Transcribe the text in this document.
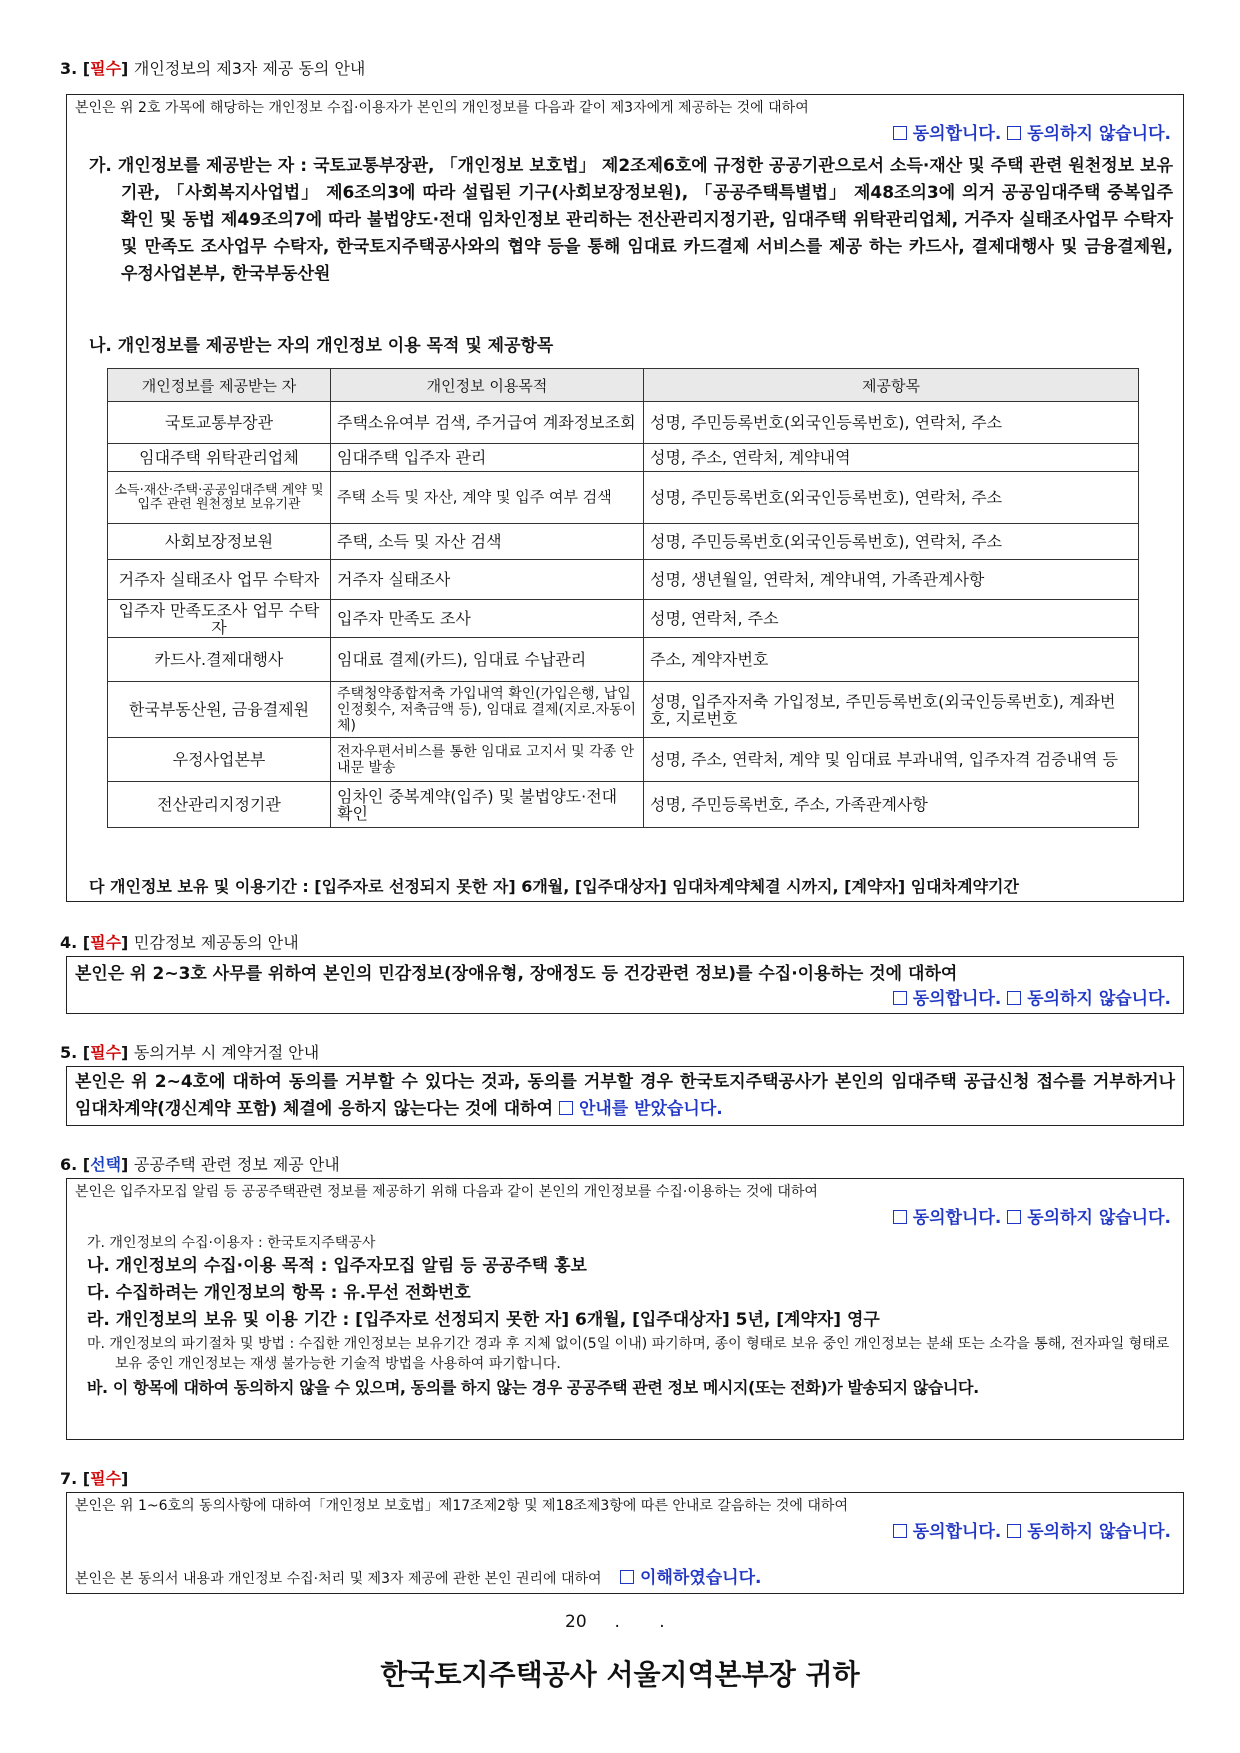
3. [필수] 개인정보의 제3자 제공 동의 안내
본인은 위 2호 가목에 해당하는 개인정보 수집·이용자가 본인의 개인정보를 다음과 같이 제3자에게 제공하는 것에 대하여
동의합니다. 동의하지 않습니다.
가. 개인정보를 제공받는 자 : 국토교통부장관, 「개인정보 보호법」 제2조제6호에 규정한 공공기관으로서 소득·재산 및 주택 관련 원천정보 보유기관, 「사회복지사업법」 제6조의3에 따라 설립된 기구(사회보장정보원), 「공공주택특별법」 제48조의3에 의거 공공임대주택 중복입주 확인 및 동법 제49조의7에 따라 불법양도·전대 임차인정보 관리하는 전산관리지정기관, 임대주택 위탁관리업체, 거주자 실태조사업무 수탁자 및 만족도 조사업무 수탁자, 한국토지주택공사와의 협약 등을 통해 임대료 카드결제 서비스를 제공 하는 카드사, 결제대행사 및 금융결제원, 우정사업본부, 한국부동산원
나. 개인정보를 제공받는 자의 개인정보 이용 목적 및 제공항목
개인정보를 제공받는 자	개인정보 이용목적	제공항목
국토교통부장관	주택소유여부 검색, 주거급여 계좌정보조회	성명, 주민등록번호(외국인등록번호), 연락처, 주소
임대주택 위탁관리업체	임대주택 입주자 관리	성명, 주소, 연락처, 계약내역
소득·재산·주택·공공임대주택 계약 및 입주 관련 원천정보 보유기관	주택 소득 및 자산, 계약 및 입주 여부 검색	성명, 주민등록번호(외국인등록번호), 연락처, 주소
사회보장정보원	주택, 소득 및 자산 검색	성명, 주민등록번호(외국인등록번호), 연락처, 주소
거주자 실태조사 업무 수탁자	거주자 실태조사	성명, 생년월일, 연락처, 계약내역, 가족관계사항
입주자 만족도조사 업무 수탁자	입주자 만족도 조사	성명, 연락처, 주소
카드사.결제대행사	임대료 결제(카드), 임대료 수납관리	주소, 계약자번호
한국부동산원, 금융결제원	주택청약종합저축 가입내역 확인(가입은행, 납입인정횟수, 저축금액 등), 임대료 결제(지로.자동이체)	성명, 입주자저축 가입정보, 주민등록번호(외국인등록번호), 계좌번호, 지로번호
우정사업본부	전자우편서비스를 통한 임대료 고지서 및 각종 안내문 발송	성명, 주소, 연락처, 계약 및 임대료 부과내역, 입주자격 검증내역 등
전산관리지정기관	임차인 중복계약(입주) 및 불법양도·전대 확인	성명, 주민등록번호, 주소, 가족관계사항
다 개인정보 보유 및 이용기간 : [입주자로 선정되지 못한 자] 6개월, [입주대상자] 임대차계약체결 시까지, [계약자] 임대차계약기간
4. [필수] 민감정보 제공동의 안내
본인은 위 2~3호 사무를 위하여 본인의 민감정보(장애유형, 장애정도 등 건강관련 정보)를 수집·이용하는 것에 대하여
동의합니다. 동의하지 않습니다.
5. [필수] 동의거부 시 계약거절 안내
본인은 위 2~4호에 대하여 동의를 거부할 수 있다는 것과, 동의를 거부할 경우 한국토지주택공사가 본인의 임대주택 공급신청 접수를 거부하거나 임대차계약(갱신계약 포함) 체결에 응하지 않는다는 것에 대하여 안내를 받았습니다.
6. [선택] 공공주택 관련 정보 제공 안내
본인은 입주자모집 알림 등 공공주택관련 정보를 제공하기 위해 다음과 같이 본인의 개인정보를 수집·이용하는 것에 대하여
동의합니다. 동의하지 않습니다.
가. 개인정보의 수집·이용자 : 한국토지주택공사
나. 개인정보의 수집·이용 목적 : 입주자모집 알림 등 공공주택 홍보
다. 수집하려는 개인정보의 항목 : 유.무선 전화번호
라. 개인정보의 보유 및 이용 기간 : [입주자로 선정되지 못한 자] 6개월, [입주대상자] 5년, [계약자] 영구
마. 개인정보의 파기절차 및 방법 : 수집한 개인정보는 보유기간 경과 후 지체 없이(5일 이내) 파기하며, 종이 형태로 보유 중인 개인정보는 분쇄 또는 소각을 통해, 전자파일 형태로 보유 중인 개인정보는 재생 불가능한 기술적 방법을 사용하여 파기합니다.
바. 이 항목에 대하여 동의하지 않을 수 있으며, 동의를 하지 않는 경우 공공주택 관련 정보 메시지(또는 전화)가 발송되지 않습니다.
7. [필수]
본인은 위 1~6호의 동의사항에 대하여「개인정보 보호법」제17조제2항 및 제18조제3항에 따른 안내로 갈음하는 것에 대하여
동의합니다. 동의하지 않습니다.
본인은 본 동의서 내용과 개인정보 수집·처리 및 제3자 제공에 관한 본인 권리에 대하여 이해하였습니다.
20 　 .　　 .
한국토지주택공사 서울지역본부장 귀하
